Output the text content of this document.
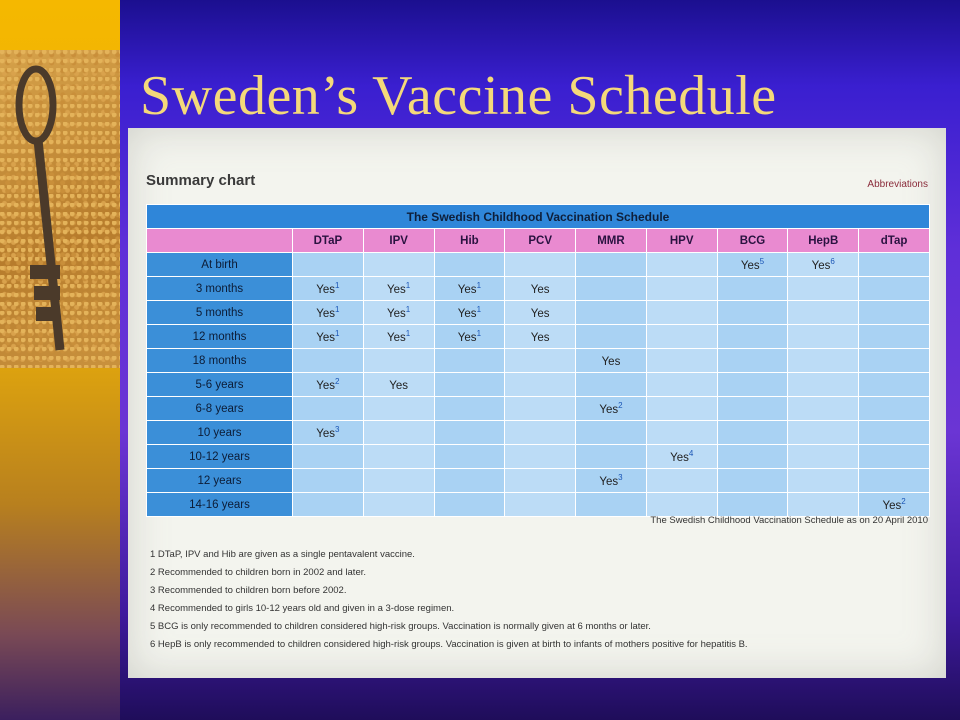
Sweden’s Vaccine Schedule
Summary chart	Abbreviations
The Swedish Childhood Vaccination Schedule									
	DTaP	IPV	Hib	PCV	MMR	HPV	BCG	HepB	dTap
At birth							Yes$^5$	Yes$^6$	
3 months	Yes$^1$	Yes$^1$	Yes$^1$	Yes					
5 months	Yes$^1$	Yes$^1$	Yes$^1$	Yes					
12 months	Yes$^1$	Yes$^1$	Yes$^1$	Yes					
18 months					Yes				
5-6 years	Yes$^2$	Yes							
6-8 years					Yes$^2$				
10 years	Yes$^3$								
10-12 years						Yes$^4$			
12 years					Yes$^3$				
14-16 years									Yes$^2$
The Swedish Childhood Vaccination Schedule as on 20 April 2010
1 DTaP, IPV and Hib are given as a single pentavalent vaccine.
2 Recommended to children born in 2002 and later.
3 Recommended to children born before 2002.
4 Recommended to girls 10-12 years old and given in a 3-dose regimen.
5 BCG is only recommended to children considered high-risk groups. Vaccination is normally given at 6 months or later.
6 HepB is only recommended to children considered high-risk groups. Vaccination is given at birth to infants of mothers positive for hepatitis B.
